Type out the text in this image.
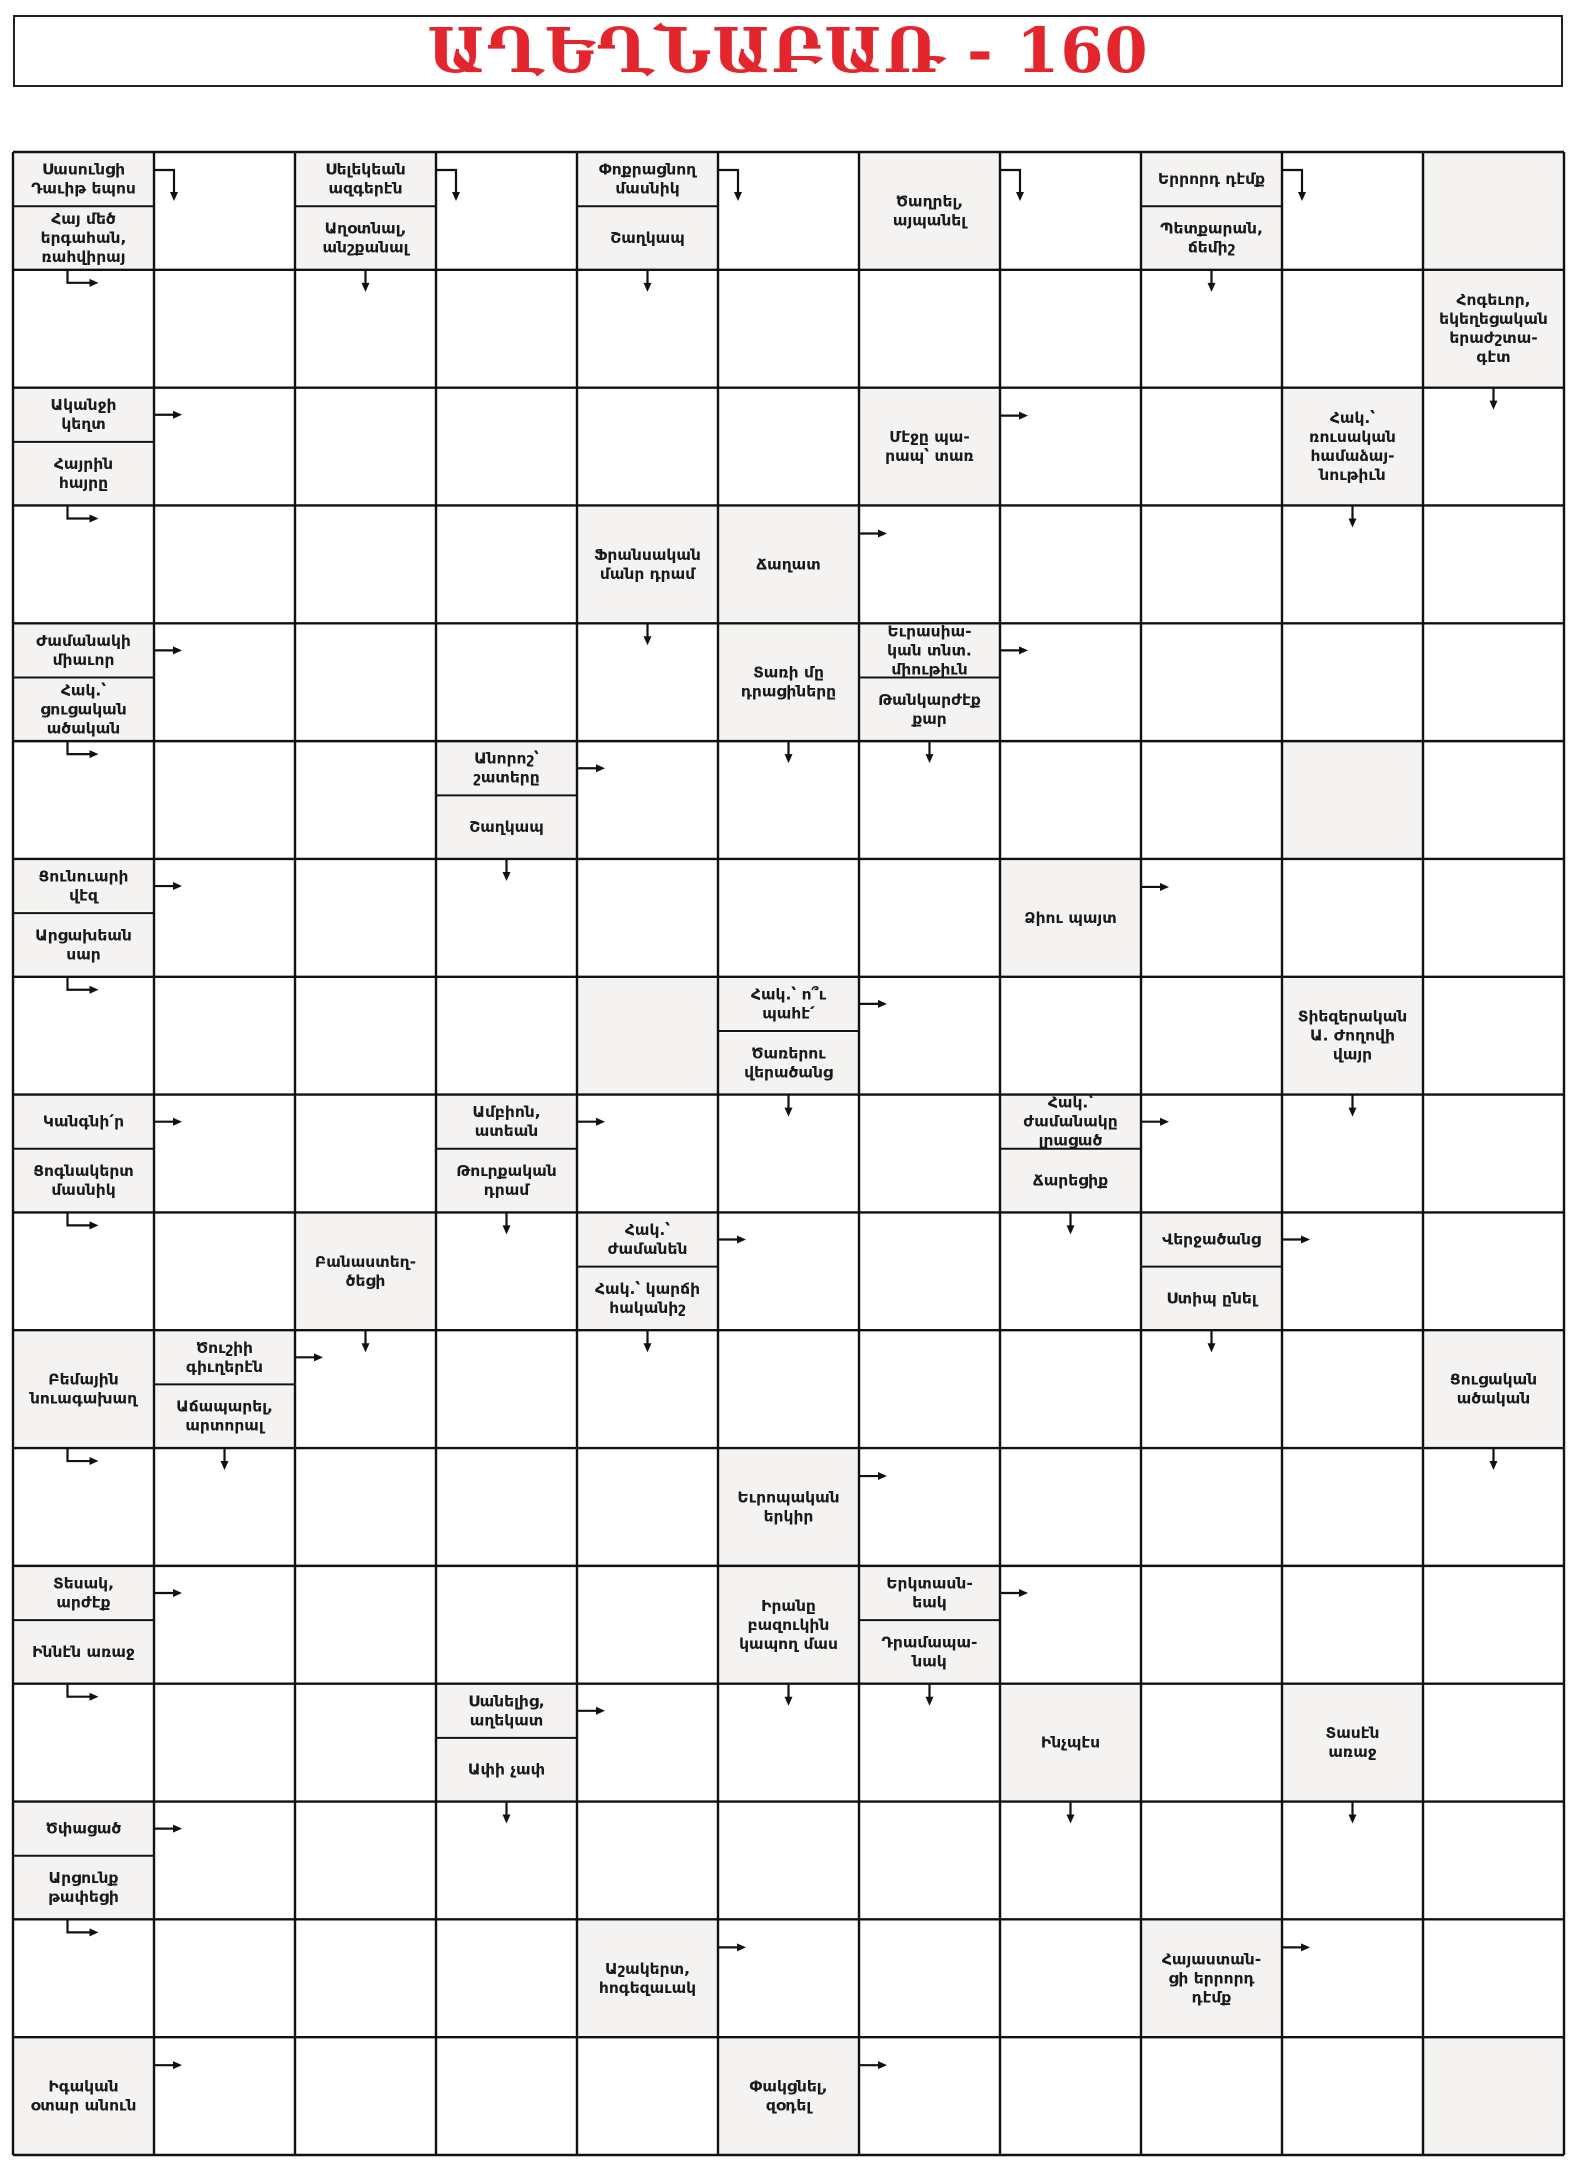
ԱՂԵՂՆԱԲԱՌ - 160
Սասունցի Դաւիթ եպոս
Հայ մեծ երգահան, ռահվիրայ
Սելեկեան ազգերէն
Աղօտնալ, անշքանալ
Փոքրացնող մասնիկ
Շաղկապ
Ծաղրել, այպանել
Երրորդ դէմք
Պետքարան, ճեմիշ
Հոգեւոր, եկեղեցական երաժշտա-գէտ
Ականջի կեղտ
Հայրին հայրը
Մէջը պա-րապ՝ տառ
Հակ.՝ ռուսական համաձայ-նութիւն
Ֆրանսական մանր դրամ
Ճաղատ
Ժամանակի միաւոր
Հակ.՝ ցուցական ածական
Տառի մը դրացիները
Եւրասիա-կան տնտ. միութիւն
Թանկարժէք քար
Անորոշ՝ շատերը
Շաղկապ
Ցունուարի վէզ
Արցախեան սար
Ձիու պայտ
Հակ.՝ ո՞ւ պահէ՛
Ծառերու վերածանց
Տիեզերական Ա. Ժողովի վայր
Կանգնի՛ր
Ցոգնակերտ մասնիկ
Ամբիոն, ատեան
Թուրքական դրամ
Հակ.՝ ժամանակը լրացած
Ճարեցիք
Բանաստեղ-ծեցի
Հակ.՝ ժամանեն
Հակ.՝ կարճի հականիշ
Վերջածանց
Ստիպ ընել
Բեմային նուագախաղ
Ծուշիի գիւղերէն
Աճապարել, արտորալ
Ցուցական ածական
Եւրոպական երկիր
Տեսակ, արժէք
Իննէն առաջ
Իրանը բազուկին կապող մաս
Երկտասն-եակ
Դրամապա-նակ
Սանելից, աղեկատ
Ափի չափ
Ինչպէս
Տասէն առաջ
Ծփացած
Արցունք թափեցի
Աշակերտ, հոգեզաւակ
Հայաստան-ցի երրորդ դէմք
Իգական օտար անուն
Փակցնել, զօդել
